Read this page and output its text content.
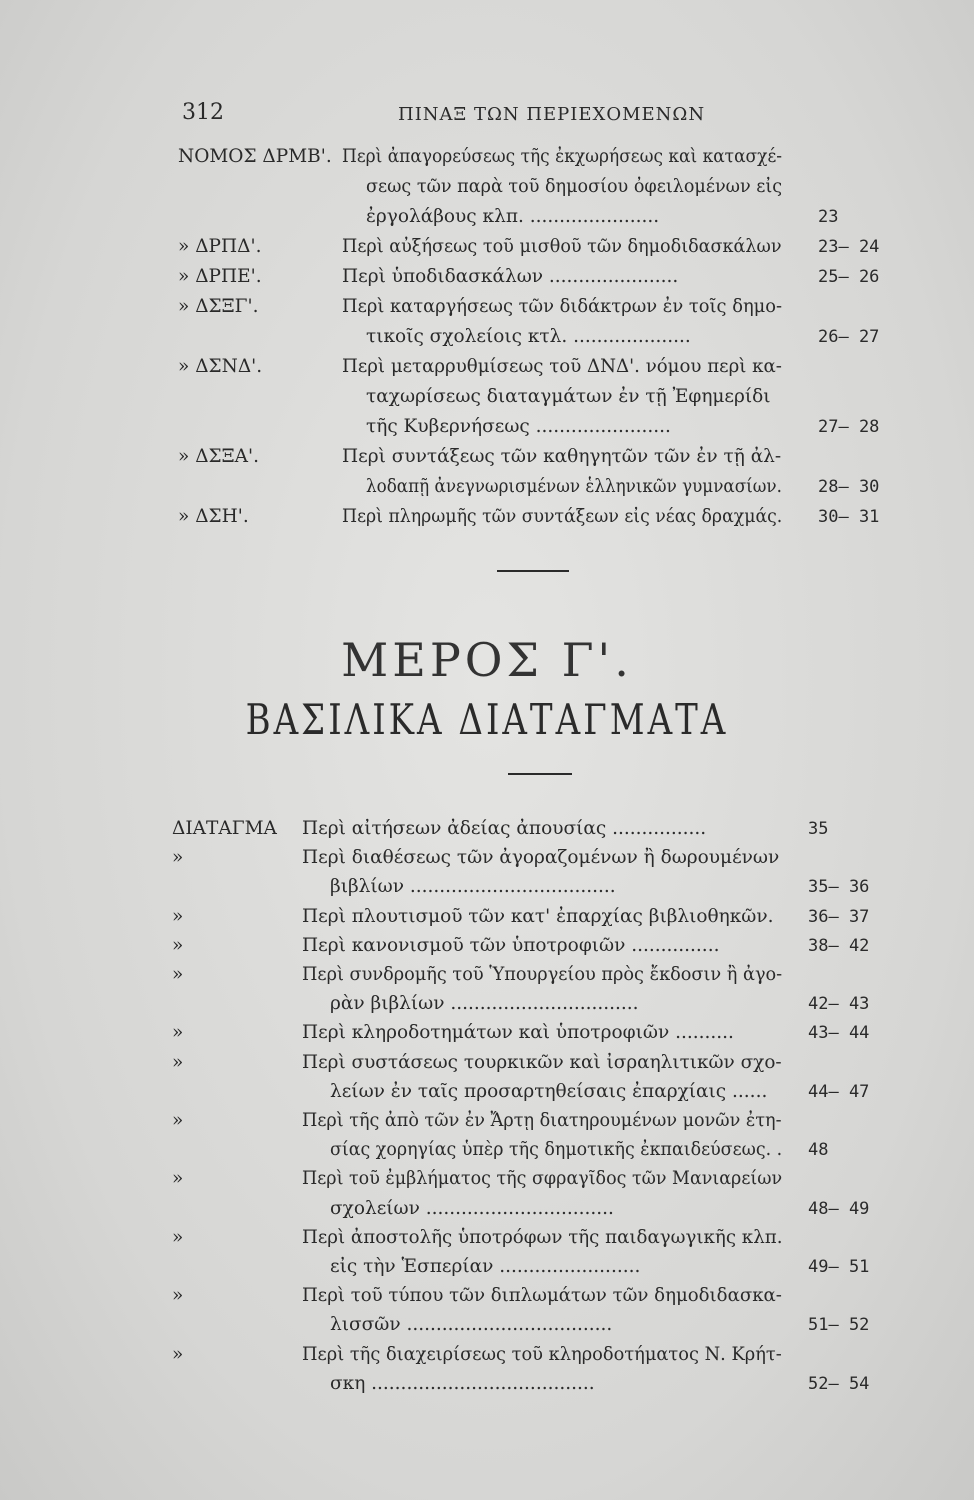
312	ΠΙΝΑΞ ΤΩΝ ΠΕΡΙΕΧΟΜΕΝΩΝ
ΝΟΜΟΣ ΔΡΜΒ'. Περὶ ἀπαγορεύσεως τῆς ἐκχωρήσεως καὶ κατασχέ-
σεως τῶν παρὰ τοῦ δημοσίου ὀφειλομένων εἰς
ἐργολάβους κλπ. ......................	23
» ΔΡΠΔ'.	Περὶ αὐξήσεως τοῦ μισθοῦ τῶν δημοδιδασκάλων 23— 24
» ΔΡΠΕ'.	Περὶ ὑποδιδασκάλων ......................	25— 26
» ΔΣΞΓ'.	Περὶ καταργήσεως τῶν διδάκτρων ἐν τοῖς δημο-
τικοῖς σχολείοις κτλ. ....................	26— 27
» ΔΣΝΔ'.	Περὶ μεταρρυθμίσεως τοῦ ΔΝΔ'. νόμου περὶ κα-
ταχωρίσεως διαταγμάτων ἐν τῇ Ἐφημερίδι
τῆς Κυβερνήσεως .......................	27— 28
» ΔΣΞΑ'.	Περὶ συντάξεως τῶν καθηγητῶν τῶν ἐν τῇ ἀλ-
λοδαπῇ ἀνεγνωρισμένων ἑλληνικῶν γυμνασίων. 28— 30
» ΔΣΗ'.	Περὶ πληρωμῆς τῶν συντάξεων εἰς νέας δραχμάς. 30— 31
ΜΕΡΟΣ Γ'.
ΒΑΣΙΛΙΚΑ ΔΙΑΤΑΓΜΑΤΑ
ΔΙΑΤΑΓΜΑ Περὶ αἰτήσεων ἀδείας ἀπουσίας ................	35
»	Περὶ διαθέσεως τῶν ἀγοραζομένων ἢ δωρουμένων
βιβλίων ...................................	35— 36
»	Περὶ πλουτισμοῦ τῶν κατ' ἐπαρχίας βιβλιοθηκῶν. 36— 37
»	Περὶ κανονισμοῦ τῶν ὑποτροφιῶν ...............	38— 42
»	Περὶ συνδρομῆς τοῦ Ὑπουργείου πρὸς ἔκδοσιν ἢ ἀγο-
ρὰν βιβλίων ................................	42— 43
»	Περὶ κληροδοτημάτων καὶ ὑποτροφιῶν ..........	43— 44
»	Περὶ συστάσεως τουρκικῶν καὶ ἰσραηλιτικῶν σχο-
λείων ἐν ταῖς προσαρτηθείσαις ἐπαρχίαις ...... 44— 47
»	Περὶ τῆς ἀπὸ τῶν ἐν Ἄρτῃ διατηρουμένων μονῶν ἐτη-
σίας χορηγίας ὑπὲρ τῆς δημοτικῆς ἐκπαιδεύσεως. . 48
»	Περὶ τοῦ ἐμβλήματος τῆς σφραγῖδος τῶν Μανιαρείων
σχολείων ................................	48— 49
»	Περὶ ἀποστολῆς ὑποτρόφων τῆς παιδαγωγικῆς κλπ.
εἰς τὴν Ἑσπερίαν ........................	49— 51
»	Περὶ τοῦ τύπου τῶν διπλωμάτων τῶν δημοδιδασκα-
λισσῶν ...................................	51— 52
»	Περὶ τῆς διαχειρίσεως τοῦ κληροδοτήματος Ν. Κρήτ-
σκη ......................................	52— 54
